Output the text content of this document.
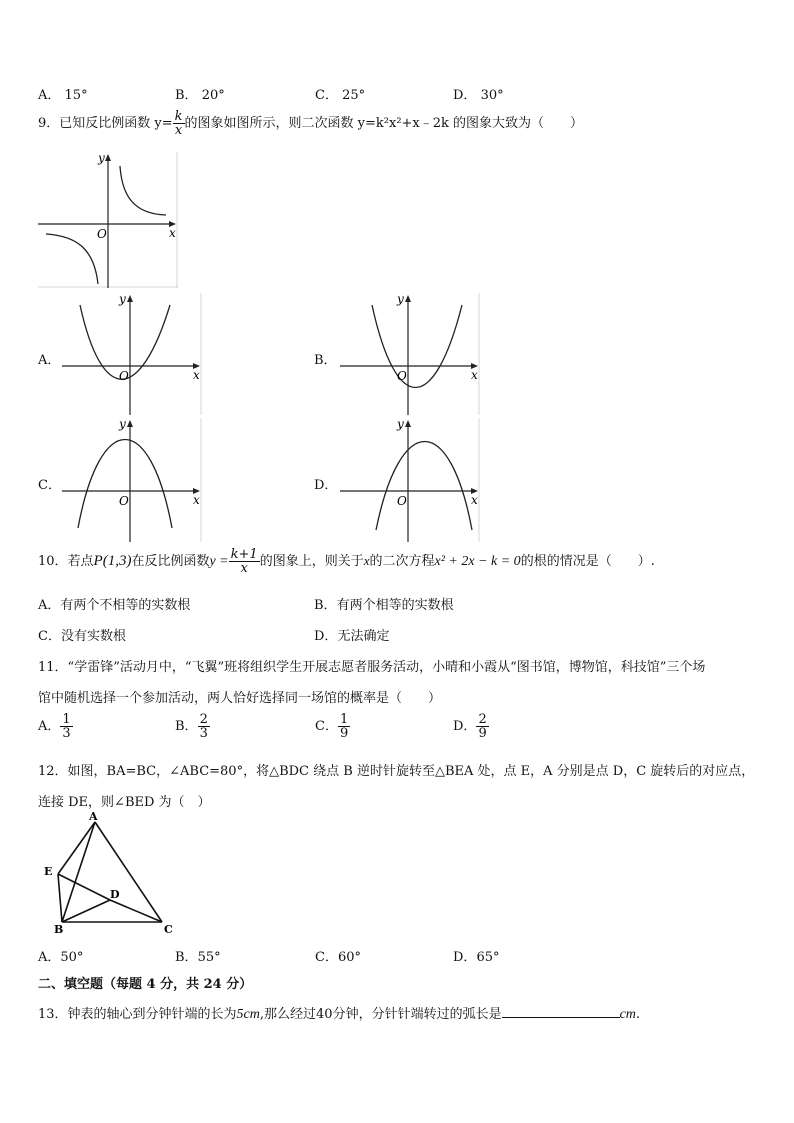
A． 15°	B． 20°	C． 25°	D． 30°
9．已知反比例函数 $y= \frac{k}{x}$ 的图象如图所示，则二次函数 y=k²x²+x﹣2k 的图象大致为（　　）
y
x
O
A．
y
x
O
B．
y
x
O
C．
y
x
O
D．
y
x
O
10．若点P(1,3)在反比例函数$y = \frac{k+1}{x}$ 的图象上，则关于x的二次方程x² + 2x − k = 0的根的情况是（　　）.
A．有两个不相等的实数根	B．有两个相等的实数根
C．没有实数根	D．无法确定
11．“学雷锋”活动月中，“飞翼”班将组织学生开展志愿者服务活动，小晴和小霞从“图书馆，博物馆，科技馆”三个场
馆中随机选择一个参加活动，两人恰好选择同一场馆的概率是（　　）
A． $\frac{1}{3}$	B． $\frac{2}{3}$	C． $\frac{1}{9}$	D． $\frac{2}{9}$
12．如图，BA=BC，∠ABC=80°，将△BDC 绕点 B 逆时针旋转至△BEA 处，点 E，A 分别是点 D，C 旋转后的对应点，
连接 DE，则∠BED 为（　）
A
E
D
B	C
A．50°	B．55°	C．60°	D．65°
二、填空题（每题 4 分，共 24 分）
13．钟表的轴心到分钟针端的长为5cm,那么经过40分钟，分针针端转过的弧长是	cm.
